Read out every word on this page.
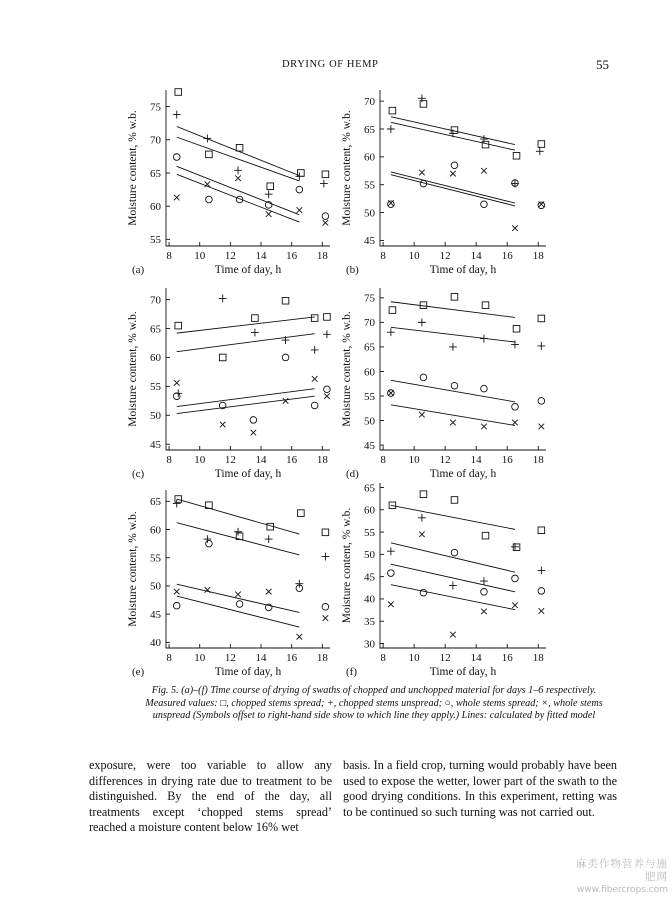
DRYING OF HEMP	55
55
60
65
70
75
8 10 12 14 16 18
Time of day, h
Moisture content, % w.b.
(a)
45
50
55
60
65
70
8 10 12 14 16 18
Time of day, h
Moisture content, % w.b.
(b)
45
50
55
60
65
70
8 10 12 14 16 18
Time of day, h
Moisture content, % w.b.
(c)
45
50
55
60
65
70
75
8 10 12 14 16 18
Time of day, h
Moisture content, % w.b.
(d)
40
45
50
55
60
65
8 10 12 14 16 18
Time of day, h
Moisture content, % w.b.
(e)
30
35
40
45
50
55
60
65
8 10 12 14 16 18
Time of day, h
Moisture content, % w.b.
(f)
Fig. 5. (a)–(f) Time course of drying of swaths of chopped and unchopped material for days 1–6 respectively. Measured values: □, chopped stems spread; +, chopped stems unspread; ○, whole stems spread; ×, whole stems unspread (Symbols offset to right-hand side show to which line they apply.) Lines: calculated by fitted model
exposure, were too variable to allow any differences in drying rate due to treatment to be distinguished. By the end of the day, all treatments except ‘chopped stems spread’ reached a moisture content below 16% wet
basis. In a field crop, turning would probably have been used to expose the wetter, lower part of the swath to the good drying conditions. In this experiment, retting was to be continued so such turning was not carried out.
麻类作物营养与施肥网
www.fibercrops.com
